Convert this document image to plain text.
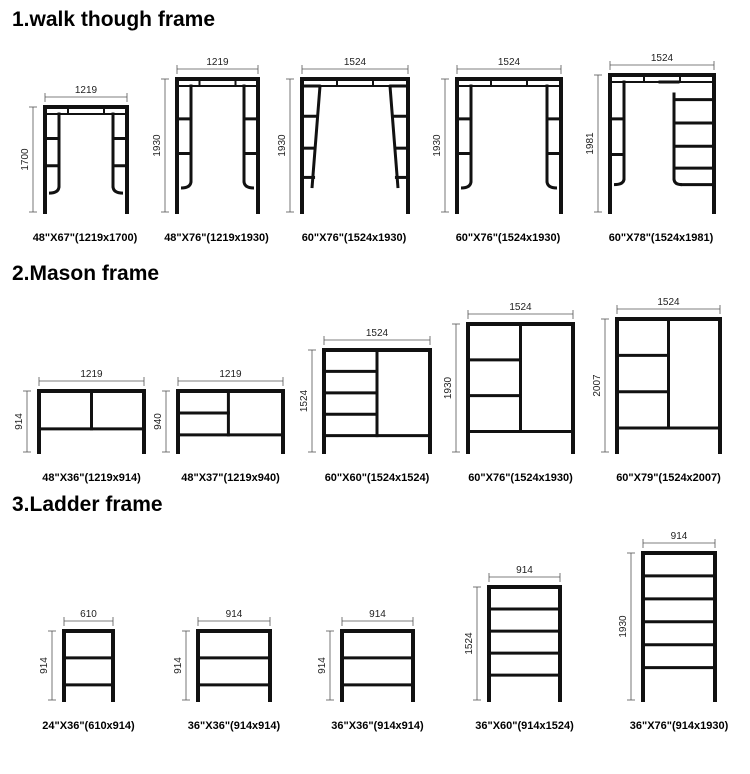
1.walk though frame
2.Mason frame
3.Ladder frame
1219
1700
1219
1930
1524
1930
1524
1930
1524
1981
1219
914
1219
940
1524
1524
1524
1930
1524
2007
610
914
914
914
914
914
914
1524
914
1930
48"X67"(1219x1700) 48"X76"(1219x1930)	60"X76"(1524x1930)	60"X76"(1524x1930)	60"X78"(1524x1981)
48"X36"(1219x914)	48"X37"(1219x940)	60"X60"(1524x1524)	60"X76"(1524x1930)	60"X79"(1524x2007)
24"X36"(610x914)	36"X36"(914x914)	36"X36"(914x914)	36"X60"(914x1524)	36"X76"(914x1930)
